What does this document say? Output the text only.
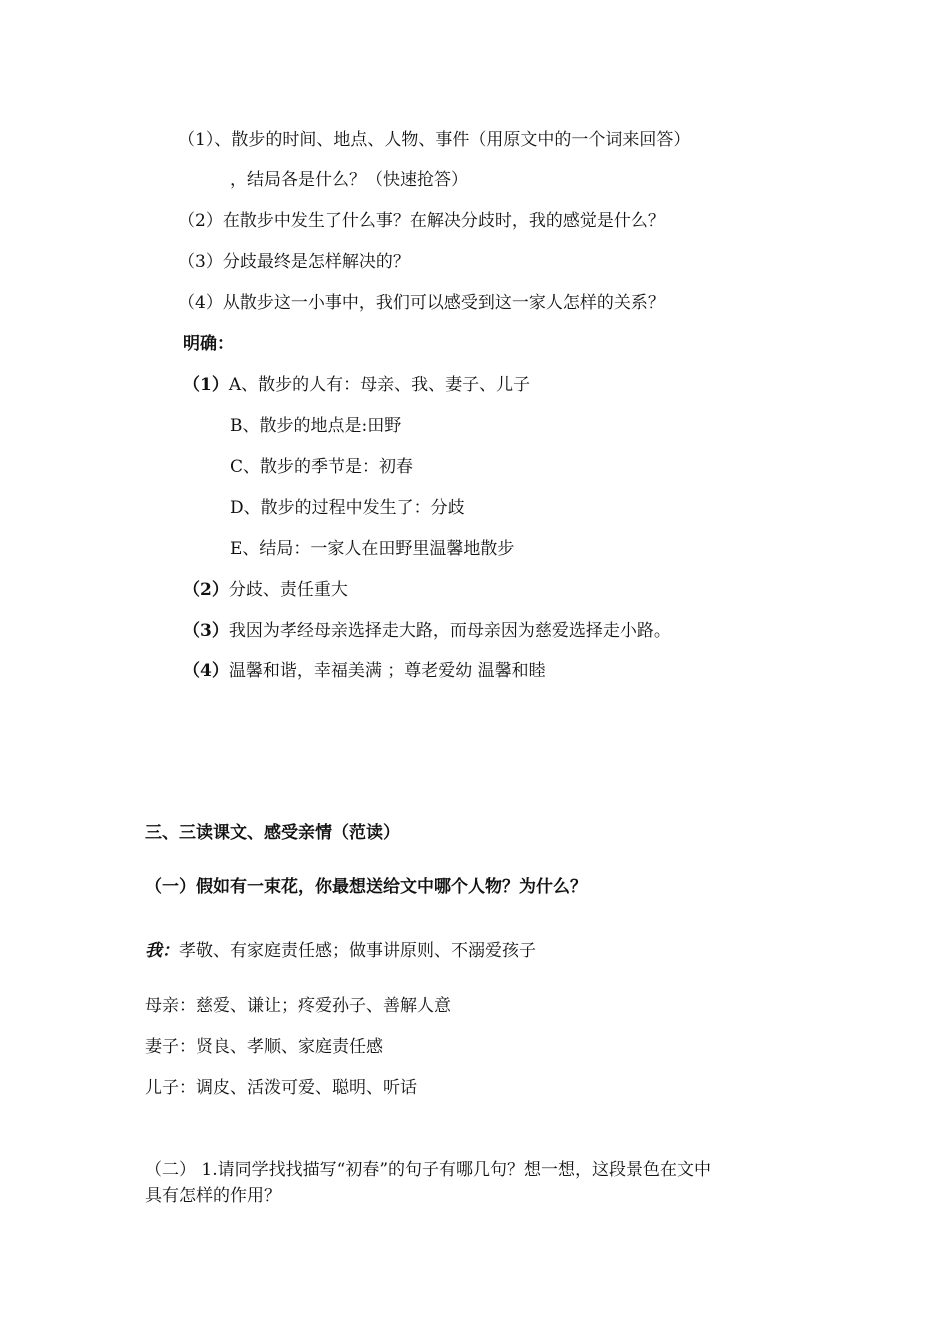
（1）、散步的时间、地点、人物、事件（用原文中的一个词来回答）
，结局各是什么？（快速抢答）
（2）在散步中发生了什么事？在解决分歧时，我的感觉是什么？
（3）分歧最终是怎样解决的？
（4）从散步这一小事中，我们可以感受到这一家人怎样的关系？
明确：
（1）A、散步的人有：母亲、我、妻子、儿子
B、散步的地点是:田野
C、散步的季节是：初春
D、散步的过程中发生了：分歧
E、结局：一家人在田野里温馨地散步
（2）分歧、责任重大
（3）我因为孝经母亲选择走大路，而母亲因为慈爱选择走小路。
（4）温馨和谐，幸福美满 ；尊老爱幼 温馨和睦
三、三读课文、感受亲情（范读）
（一）假如有一束花，你最想送给文中哪个人物？为什么？
我：孝敬、有家庭责任感；做事讲原则、不溺爱孩子
母亲：慈爱、谦让；疼爱孙子、善解人意
妻子：贤良、孝顺、家庭责任感
儿子：调皮、活泼可爱、聪明、听话
（二） 1.请同学找找描写“初春”的句子有哪几句？想一想，这段景色在文中
具有怎样的作用？
